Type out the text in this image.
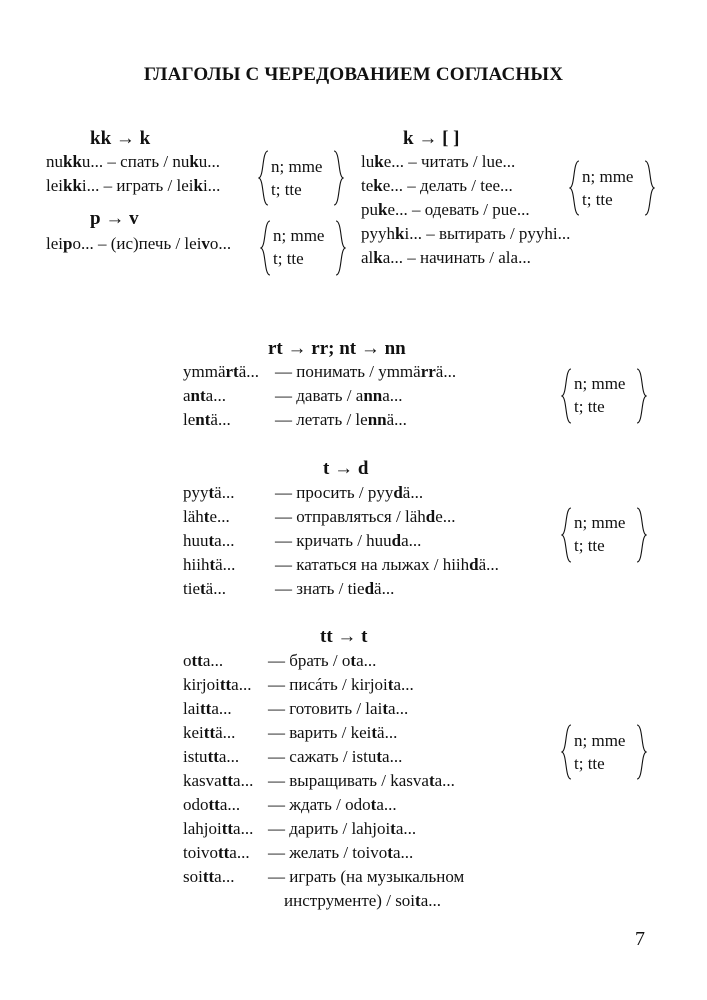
ГЛАГОЛЫ С ЧЕРЕДОВАНИЕМ СОГЛАСНЫХ
kk → k
nukku... – спать / nuku...
leikki... – играть / leiki...
n; mme
t; tte
p → v
leipo... – (ис)печь / leivo... n; mme
t; tte
k → [ ]
luke... – читать / lue...
teke... – делать / tee...
puke... – одевать / pue...
pyyhki... – вытирать / pyyhi...
alka... – начинать / ala...
n; mme
t; tte
rt → rr; nt → nn
ymmärtä... — понимать / ymmärrä...
anta...	— давать / anna...
lentä...	— летать / lennä...
n; mme
t; tte
t → d
pyytä... — просить / pyydä...
lähte...	— отправляться / lähde...
huuta... — кричать / huuda...
hiihtä... — кататься на лыжах / hiihdä...
tietä...	— знать / tiedä...
n; mme
t; tte
tt → t
otta...	— брать / ota...
kirjoitta... — писáть / kirjoita...
laitta... — готовить / laita...
keittä... — варить / keitä...
istutta... — сажать / istuta...
kasvatta... — выращивать / kasvata...
odotta... — ждать / odota...
lahjoitta... — дарить / lahjoita...
toivotta... — желать / toivota...
soitta... — играть (на музыкальном
инструменте) / soita...
n; mme
t; tte
7
